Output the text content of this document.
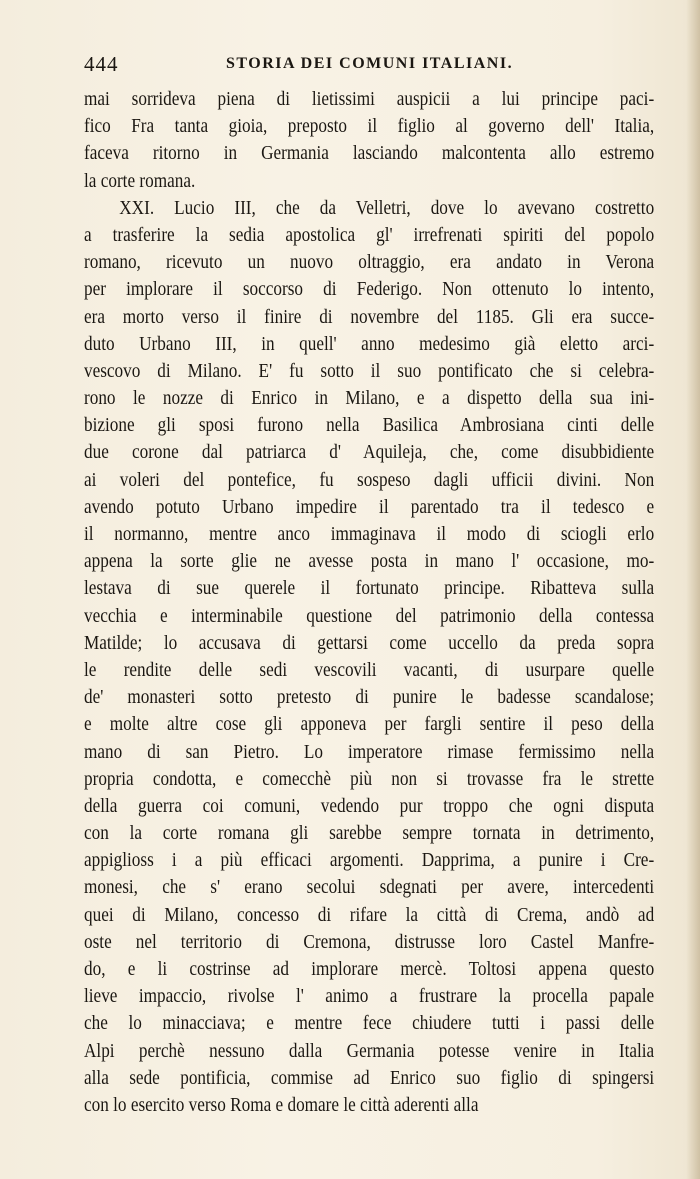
444	STORIA DEI COMUNI ITALIANI.
mai sorrideva piena di lietissimi auspicii a lui principe paci-
fico Fra tanta gioia, preposto il figlio al governo dell' Italia,
faceva ritorno in Germania lasciando malcontenta allo estremo
la corte romana.
XXI. Lucio III, che da Velletri, dove lo avevano costretto
a trasferire la sedia apostolica gl' irrefrenati spiriti del popolo
romano, ricevuto un nuovo oltraggio, era andato in Verona
per implorare il soccorso di Federigo. Non ottenuto lo intento,
era morto verso il finire di novembre del 1185. Gli era succe-
duto Urbano III, in quell' anno medesimo già eletto arci-
vescovo di Milano. E' fu sotto il suo pontificato che si celebra-
rono le nozze di Enrico in Milano, e a dispetto della sua ini-
bizione gli sposi furono nella Basilica Ambrosiana cinti delle
due corone dal patriarca d' Aquileja, che, come disubbidiente
ai voleri del pontefice, fu sospeso dagli ufficii divini. Non
avendo potuto Urbano impedire il parentado tra il tedesco e
il normanno, mentre anco immaginava il modo di sciogli erlo
appena la sorte glie ne avesse posta in mano l' occasione, mo-
lestava di sue querele il fortunato principe. Ribatteva sulla
vecchia e interminabile questione del patrimonio della contessa
Matilde; lo accusava di gettarsi come uccello da preda sopra
le rendite delle sedi vescovili vacanti, di usurpare quelle
de' monasteri sotto pretesto di punire le badesse scandalose;
e molte altre cose gli apponeva per fargli sentire il peso della
mano di san Pietro. Lo imperatore rimase fermissimo nella
propria condotta, e comecchè più non si trovasse fra le strette
della guerra coi comuni, vedendo pur troppo che ogni disputa
con la corte romana gli sarebbe sempre tornata in detrimento,
appiglioss i a più efficaci argomenti. Dapprima, a punire i Cre-
monesi, che s' erano secolui sdegnati per avere, intercedenti
quei di Milano, concesso di rifare la città di Crema, andò ad
oste nel territorio di Cremona, distrusse loro Castel Manfre-
do, e li costrinse ad implorare mercè. Toltosi appena questo
lieve impaccio, rivolse l' animo a frustrare la procella papale
che lo minacciava; e mentre fece chiudere tutti i passi delle
Alpi perchè nessuno dalla Germania potesse venire in Italia
alla sede pontificia, commise ad Enrico suo figlio di spingersi
con lo esercito verso Roma e domare le città aderenti alla
